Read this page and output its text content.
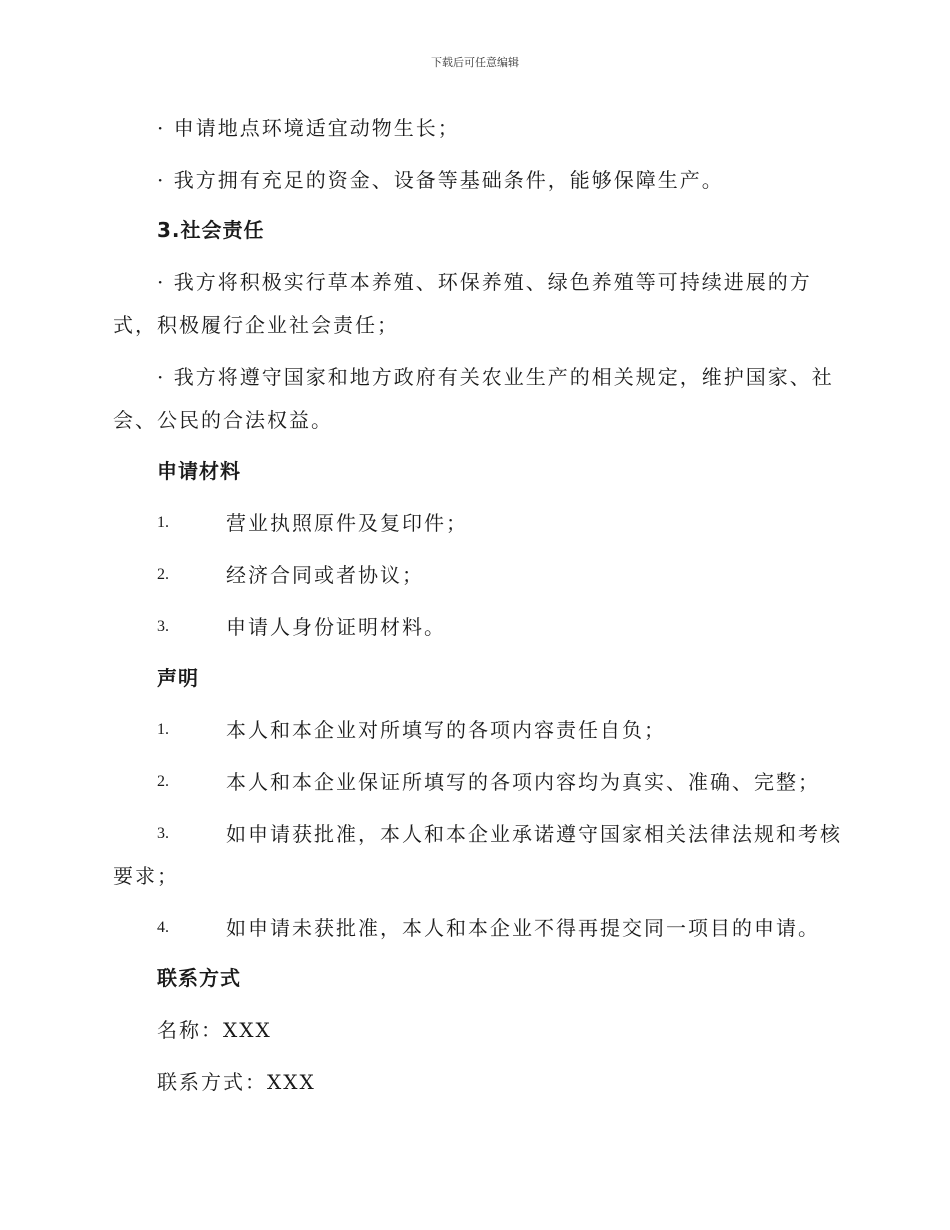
下载后可任意编辑
· 申请地点环境适宜动物生长；
· 我方拥有充足的资金、设备等基础条件，能够保障生产。
3.社会责任
· 我方将积极实行草本养殖、环保养殖、绿色养殖等可持续进展的方
式，积极履行企业社会责任；
· 我方将遵守国家和地方政府有关农业生产的相关规定，维护国家、社
会、公民的合法权益。
申请材料
1.	营业执照原件及复印件；
2.	经济合同或者协议；
3.	申请人身份证明材料。
声明
1.	本人和本企业对所填写的各项内容责任自负；
2.	本人和本企业保证所填写的各项内容均为真实、准确、完整；
3.	如申请获批准，本人和本企业承诺遵守国家相关法律法规和考核
要求；
4.	如申请未获批准，本人和本企业不得再提交同一项目的申请。
联系方式
名称：XXX
联系方式：XXX
